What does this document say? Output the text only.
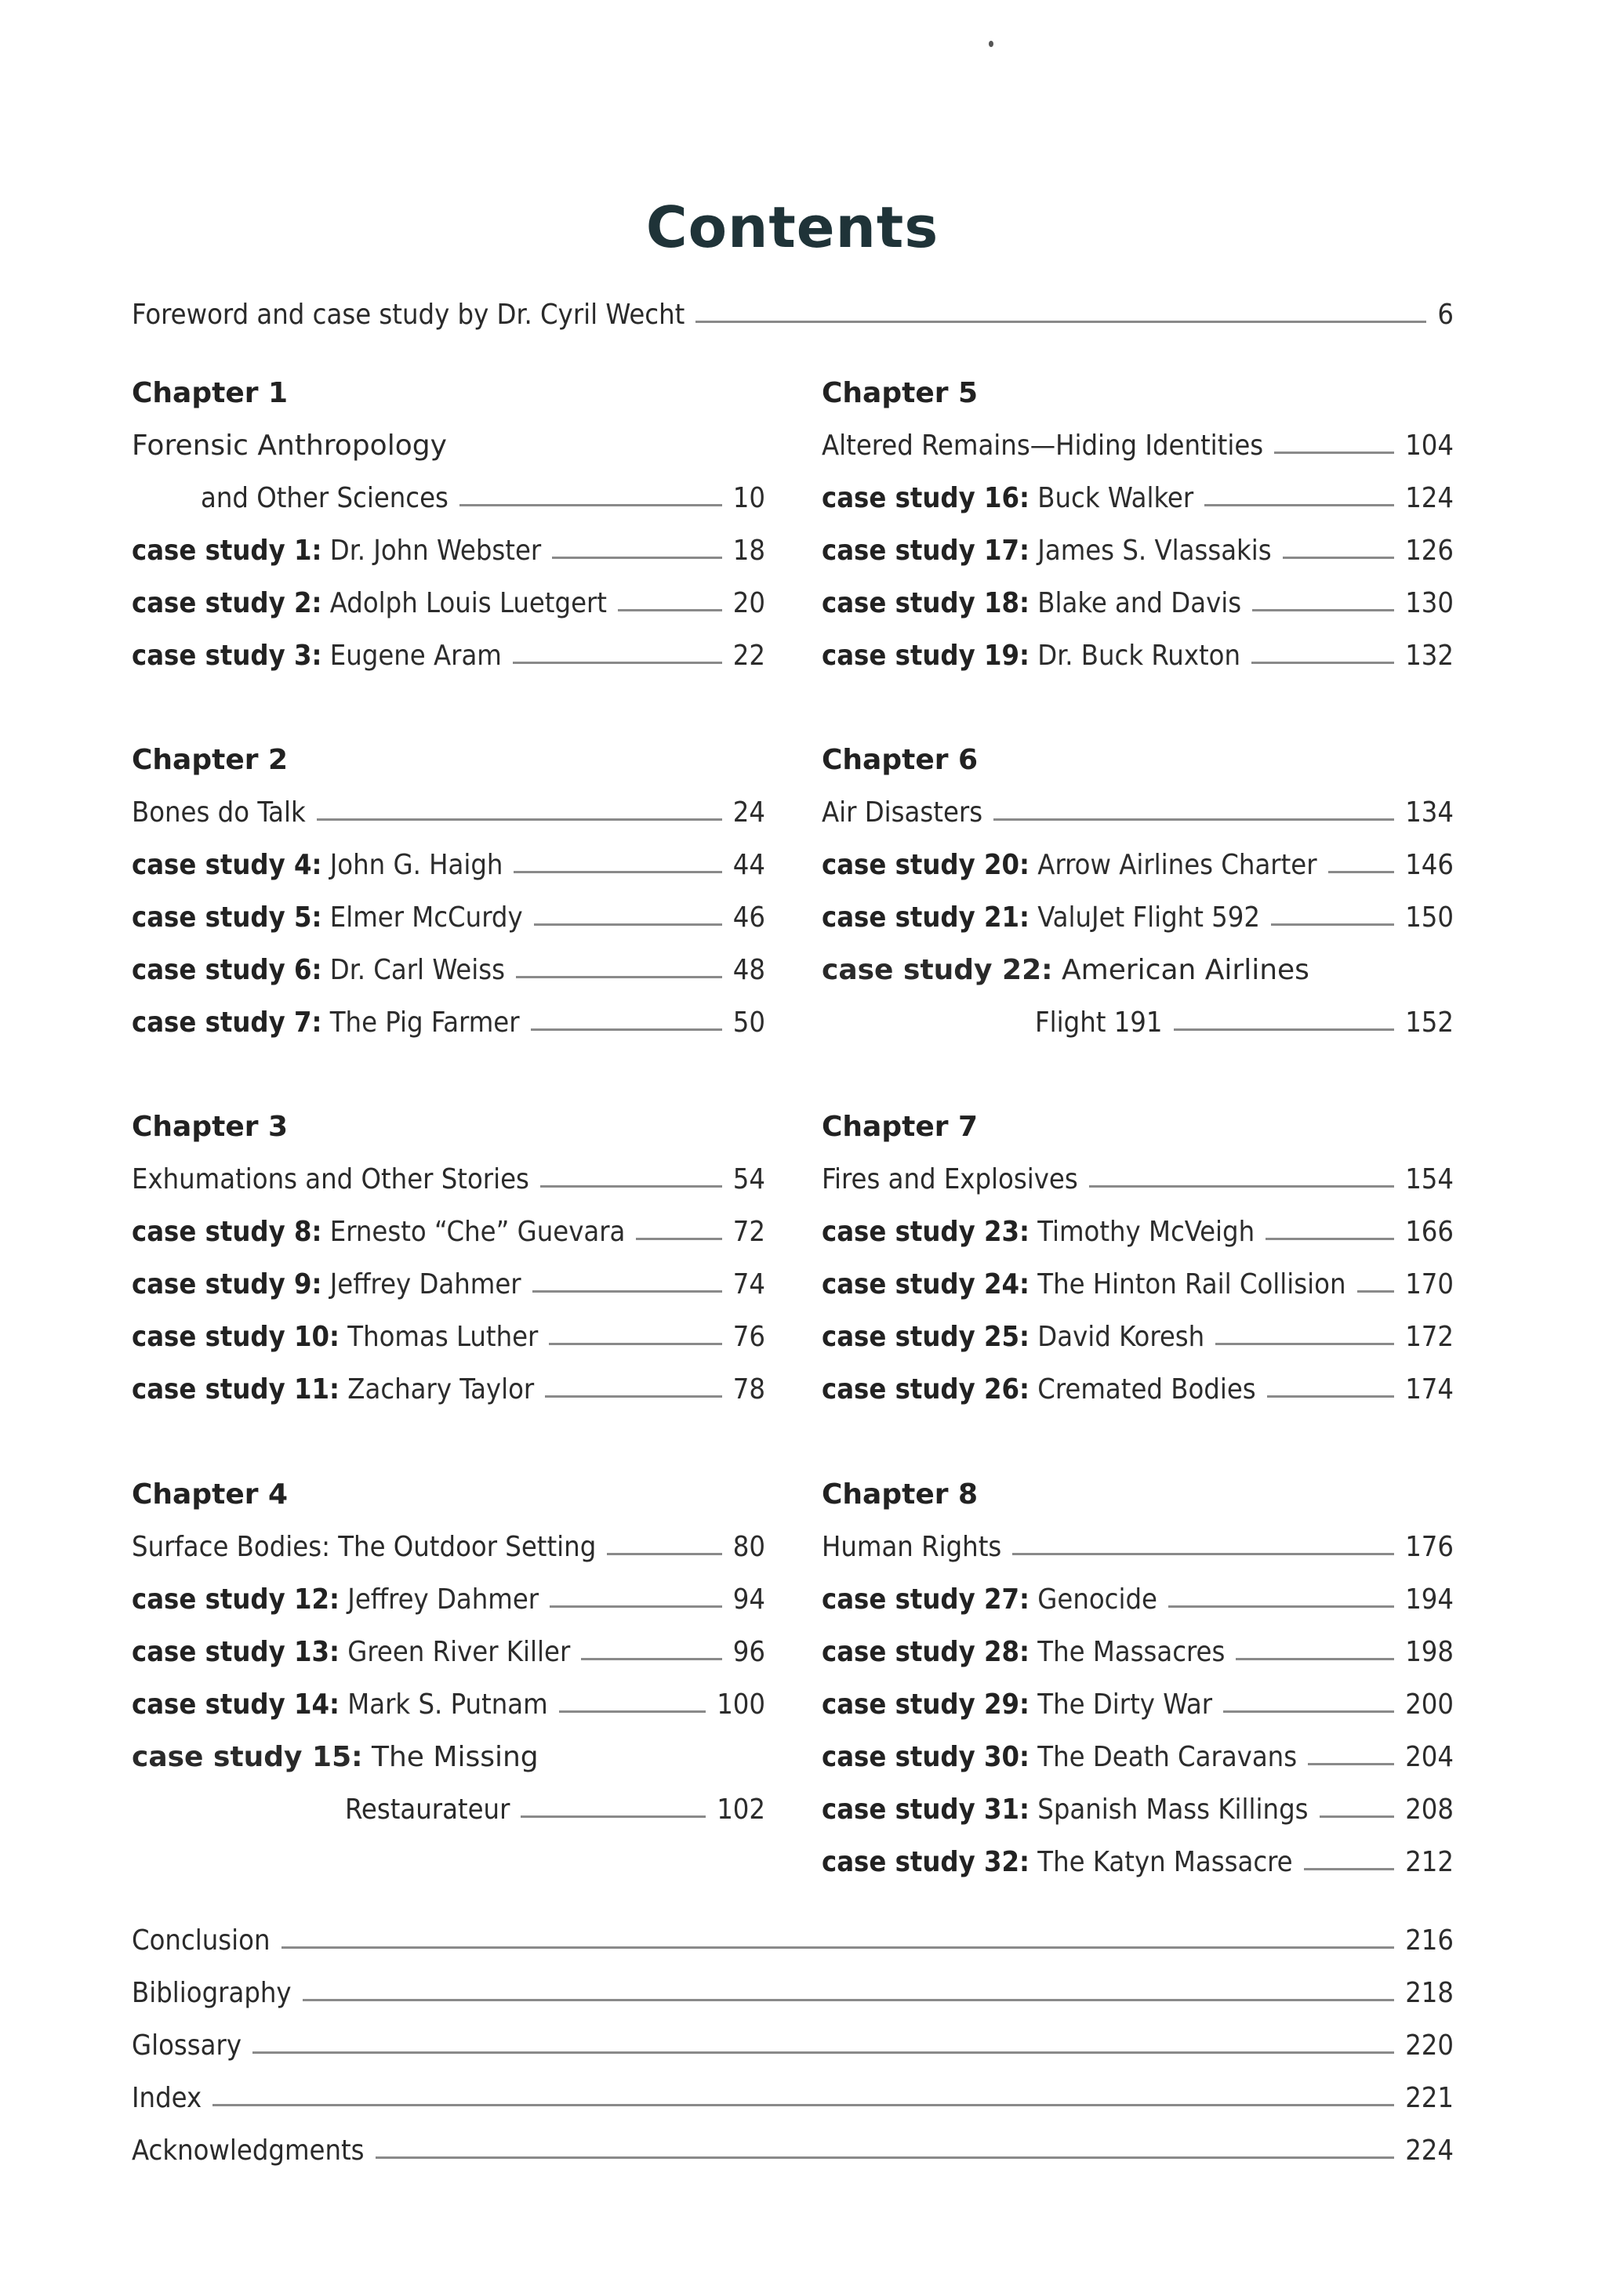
Contents
Foreword and case study by Dr. Cyril Wecht	6
Chapter 1
Forensic Anthropology
and Other Sciences	10
case study 1: Dr. John Webster	18
case study 2: Adolph Louis Luetgert	20
case study 3: Eugene Aram	22
Chapter 2
Bones do Talk	24
case study 4: John G. Haigh	44
case study 5: Elmer McCurdy	46
case study 6: Dr. Carl Weiss	48
case study 7: The Pig Farmer	50
Chapter 3
Exhumations and Other Stories	54
case study 8: Ernesto “Che” Guevara	72
case study 9: Jeffrey Dahmer	74
case study 10: Thomas Luther	76
case study 11: Zachary Taylor	78
Chapter 4
Surface Bodies: The Outdoor Setting	80
case study 12: Jeffrey Dahmer	94
case study 13: Green River Killer	96
case study 14: Mark S. Putnam	100
case study 15: The Missing
Restaurateur	102
Chapter 5
Altered Remains—Hiding Identities	104
case study 16: Buck Walker	124
case study 17: James S. Vlassakis	126
case study 18: Blake and Davis	130
case study 19: Dr. Buck Ruxton	132
Chapter 6
Air Disasters	134
case study 20: Arrow Airlines Charter	146
case study 21: ValuJet Flight 592	150
case study 22: American Airlines
Flight 191	152
Chapter 7
Fires and Explosives	154
case study 23: Timothy McVeigh	166
case study 24: The Hinton Rail Collision 170
case study 25: David Koresh	172
case study 26: Cremated Bodies	174
Chapter 8
Human Rights	176
case study 27: Genocide	194
case study 28: The Massacres	198
case study 29: The Dirty War	200
case study 30: The Death Caravans	204
case study 31: Spanish Mass Killings	208
case study 32: The Katyn Massacre	212
Conclusion	216
Bibliography	218
Glossary	220
Index	221
Acknowledgments	224
